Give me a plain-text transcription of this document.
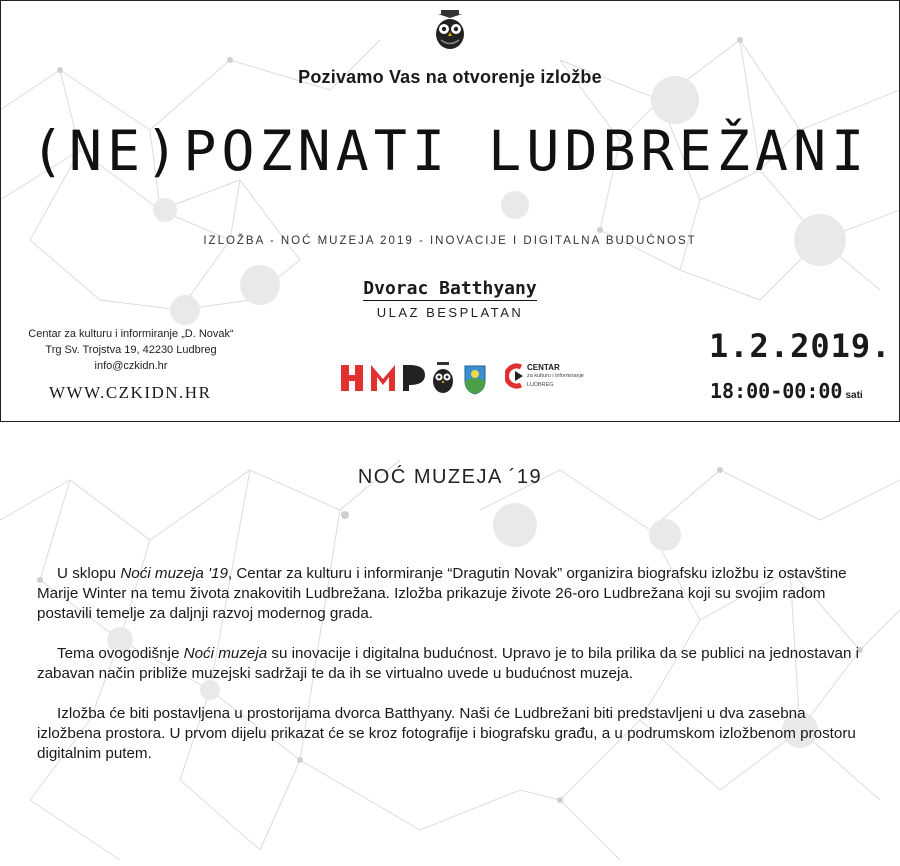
Pozivamo Vas na otvorenje izložbe
(NE)POZNATI LUDBREŽANI
IZLOŽBA - NOĆ MUZEJA 2019 - INOVACIJE I DIGITALNA BUDUĆNOST
Dvorac Batthyany
ULAZ BESPLATAN
Centar za kulturu i informiranje „D. Novak“
Trg Sv. Trojstva 19, 42230 Ludbreg
info@czkidn.hr
WWW.CZKIDN.HR
CENTAR
za kulturu i informiranje
LUDBREG
1.2.2019.
18:00-00:00 sati
NOĆ MUZEJA ´19

U sklopu Noći muzeja '19, Centar za kulturu i informiranje “Dragutin Novak” organizira biografsku izložbu iz ostavštine Marije Winter na temu života znakovitih Ludbrežana. Izložba prikazuje živote 26-oro Ludbrežana koji su svojim radom postavili temelje za daljnji razvoj modernog grada.

Tema ovogodišnje Noći muzeja su inovacije i digitalna budućnost. Upravo je to bila prilika da se publici na jednostavan i zabavan način približe muzejski sadržaji te da ih se virtualno uvede u budućnost muzeja.

Izložba će biti postavljena u prostorijama dvorca Batthyany. Naši će Ludbrežani biti predstavljeni u dva zasebna izložbena prostora. U prvom dijelu prikazat će se kroz fotografije i biografsku građu, a u podrumskom izložbenom prostoru digitalnim putem.
